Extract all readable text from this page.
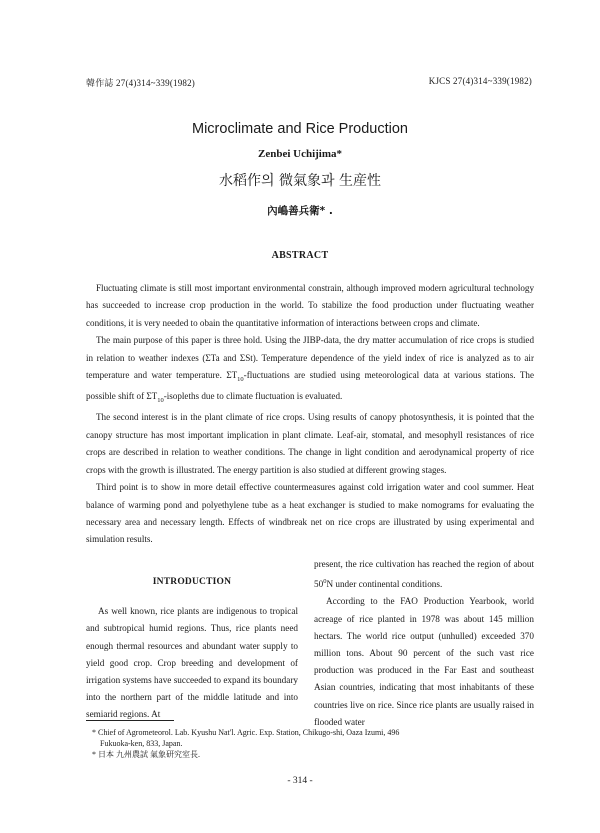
韓作誌 27(4)314~339(1982)	KJCS 27(4)314~339(1982)
Microclimate and Rice Production
Zenbei Uchijima*
水稻作의 微氣象과 生産性
內嶋善兵衛* .
ABSTRACT

Fluctuating climate is still most important environmental constrain, although improved modern agricultural technology has succeeded to increase crop production in the world. To stabilize the food production under fluctuating weather conditions, it is very needed to obain the quantitative information of interactions between crops and climate.

The main purpose of this paper is three hold. Using the JIBP-data, the dry matter accumulation of rice crops is studied in relation to weather indexes (ΣTa and ΣSt). Temperature dependence of the yield index of rice is analyzed as to air temperature and water temperature. $\Sigma T_{10}$-fluctuations are studied using meteorological data at various stations. The possible shift of $\Sigma T_{10}$-isopleths due to climate fluctuation is evaluated.

The second interest is in the plant climate of rice crops. Using results of canopy photosynthesis, it is pointed that the canopy structure has most important implication in plant climate. Leaf-air, stomatal, and mesophyll resistances of rice crops are described in relation to weather conditions. The change in light condition and aerodynamical property of rice crops with the growth is illustrated. The energy partition is also studied at different growing stages.

Third point is to show in more detail effective countermeasures against cold irrigation water and cool summer. Heat balance of warming pond and polyethylene tube as a heat exchanger is studied to make nomograms for evaluating the necessary area and necessary length. Effects of windbreak net on rice crops are illustrated by using experimental and simulation results.

INTRODUCTION

As well known, rice plants are indigenous to tropical and subtropical humid regions. Thus, rice plants need enough thermal resources and abundant water supply to yield good crop. Crop breeding and development of irrigation systems have succeeded to expand its boundary into the northern part of the middle latitude and into semiarid regions. At

present, the rice cultivation has reached the region of about $50^0N$ under continental conditions.

According to the FAO Production Yearbook, world acreage of rice planted in 1978 was about 145 million hectars. The world rice output (unhulled) exceeded 370 million tons. About 90 percent of the such vast rice production was produced in the Far East and southeast Asian countries, indicating that most inhabitants of these countries live on rice. Since rice plants are usually raised in flooded water

* Chief of Agrometeorol. Lab. Kyushu Nat'l. Agric. Exp. Station, Chikugo-shi, Oaza Izumi, 496
Fukuoka-ken, 833, Japan.
* 日本 九州農試 氣象研究室長.
- 314 -
